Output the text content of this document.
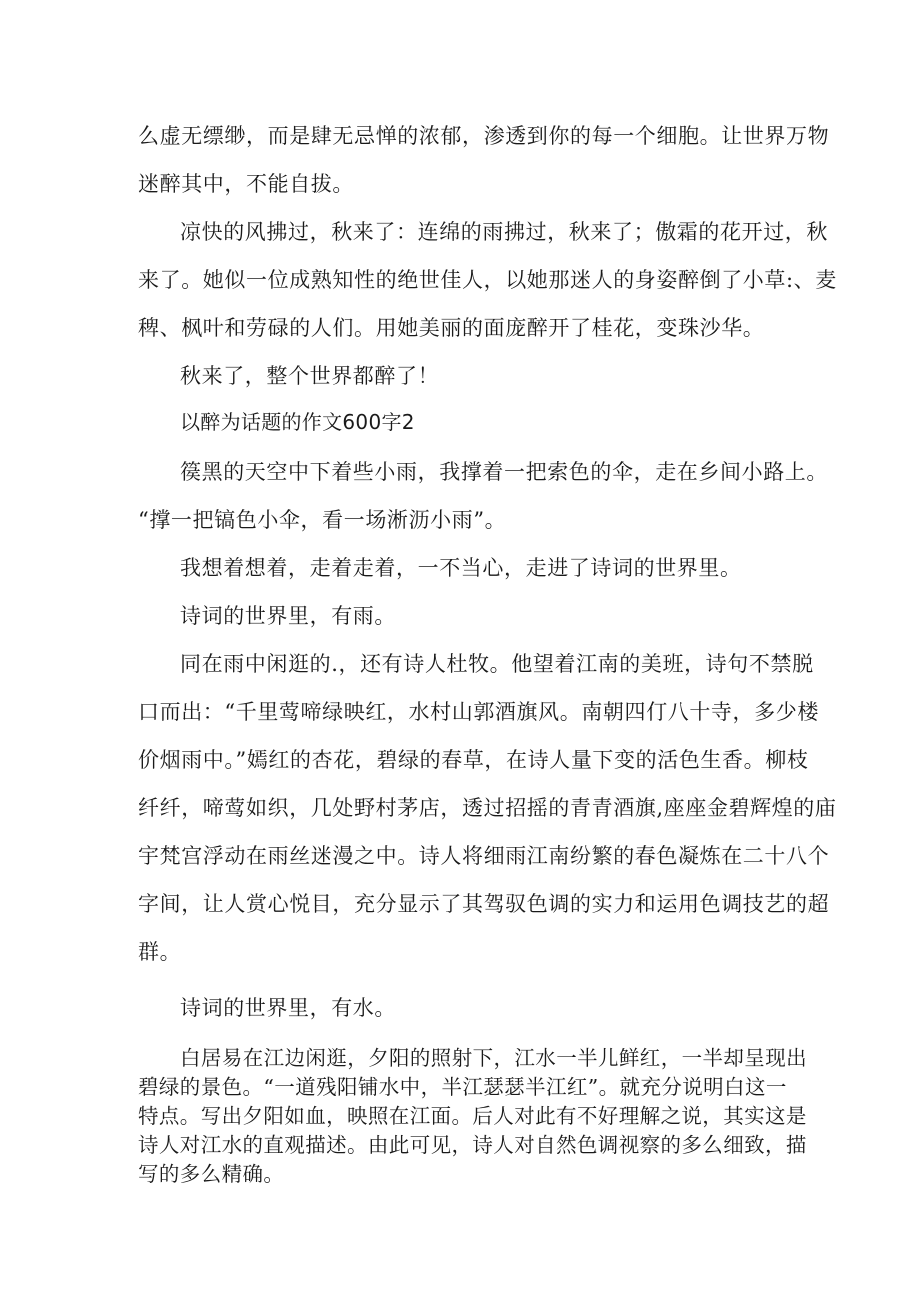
么虚无缥缈，而是肆无忌惮的浓郁，渗透到你的每一个细胞。让世界万物

迷醉其中，不能自拔。

凉快的风拂过，秋来了：连绵的雨拂过，秋来了；傲霜的花开过，秋

来了。她似一位成熟知性的绝世佳人，以她那迷人的身姿醉倒了小草:、麦

稗、枫叶和劳碌的人们。用她美丽的面庞醉开了桂花，变珠沙华。

秋来了，整个世界都醉了！

以醉为话题的作文600字2

篌黑的天空中下着些小雨，我撑着一把索色的伞，走在乡间小路上。

“撑一把镐色小伞，看一场淅沥小雨”。

我想着想着，走着走着，一不当心，走进了诗词的世界里。

诗词的世界里，有雨。

同在雨中闲逛的.，还有诗人杜牧。他望着江南的美班，诗句不禁脱

口而出：“千里莺啼绿映红，水村山郭酒旗风。南朝四仃八十寺，多少楼

价烟雨中。”嫣红的杏花，碧绿的春草，在诗人量下变的活色生香。柳枝

纤纤，啼莺如织，几处野村茅店，透过招摇的青青酒旗,座座金碧辉煌的庙

宇梵宫浮动在雨丝迷漫之中。诗人将细雨江南纷繁的春色凝炼在二十八个

字间，让人赏心悦目，充分显示了其驾驭色调的实力和运用色调技艺的超

群。

诗词的世界里，有水。

白居易在江边闲逛，夕阳的照射下，江水一半儿鲜红，一半却呈现出

碧绿的景色。“一道残阳铺水中，半江瑟瑟半江红”。就充分说明白这一

特点。写出夕阳如血，映照在江面。后人对此有不好理解之说，其实这是

诗人对江水的直观描述。由此可见，诗人对自然色调视察的多么细致，描

写的多么精确。
